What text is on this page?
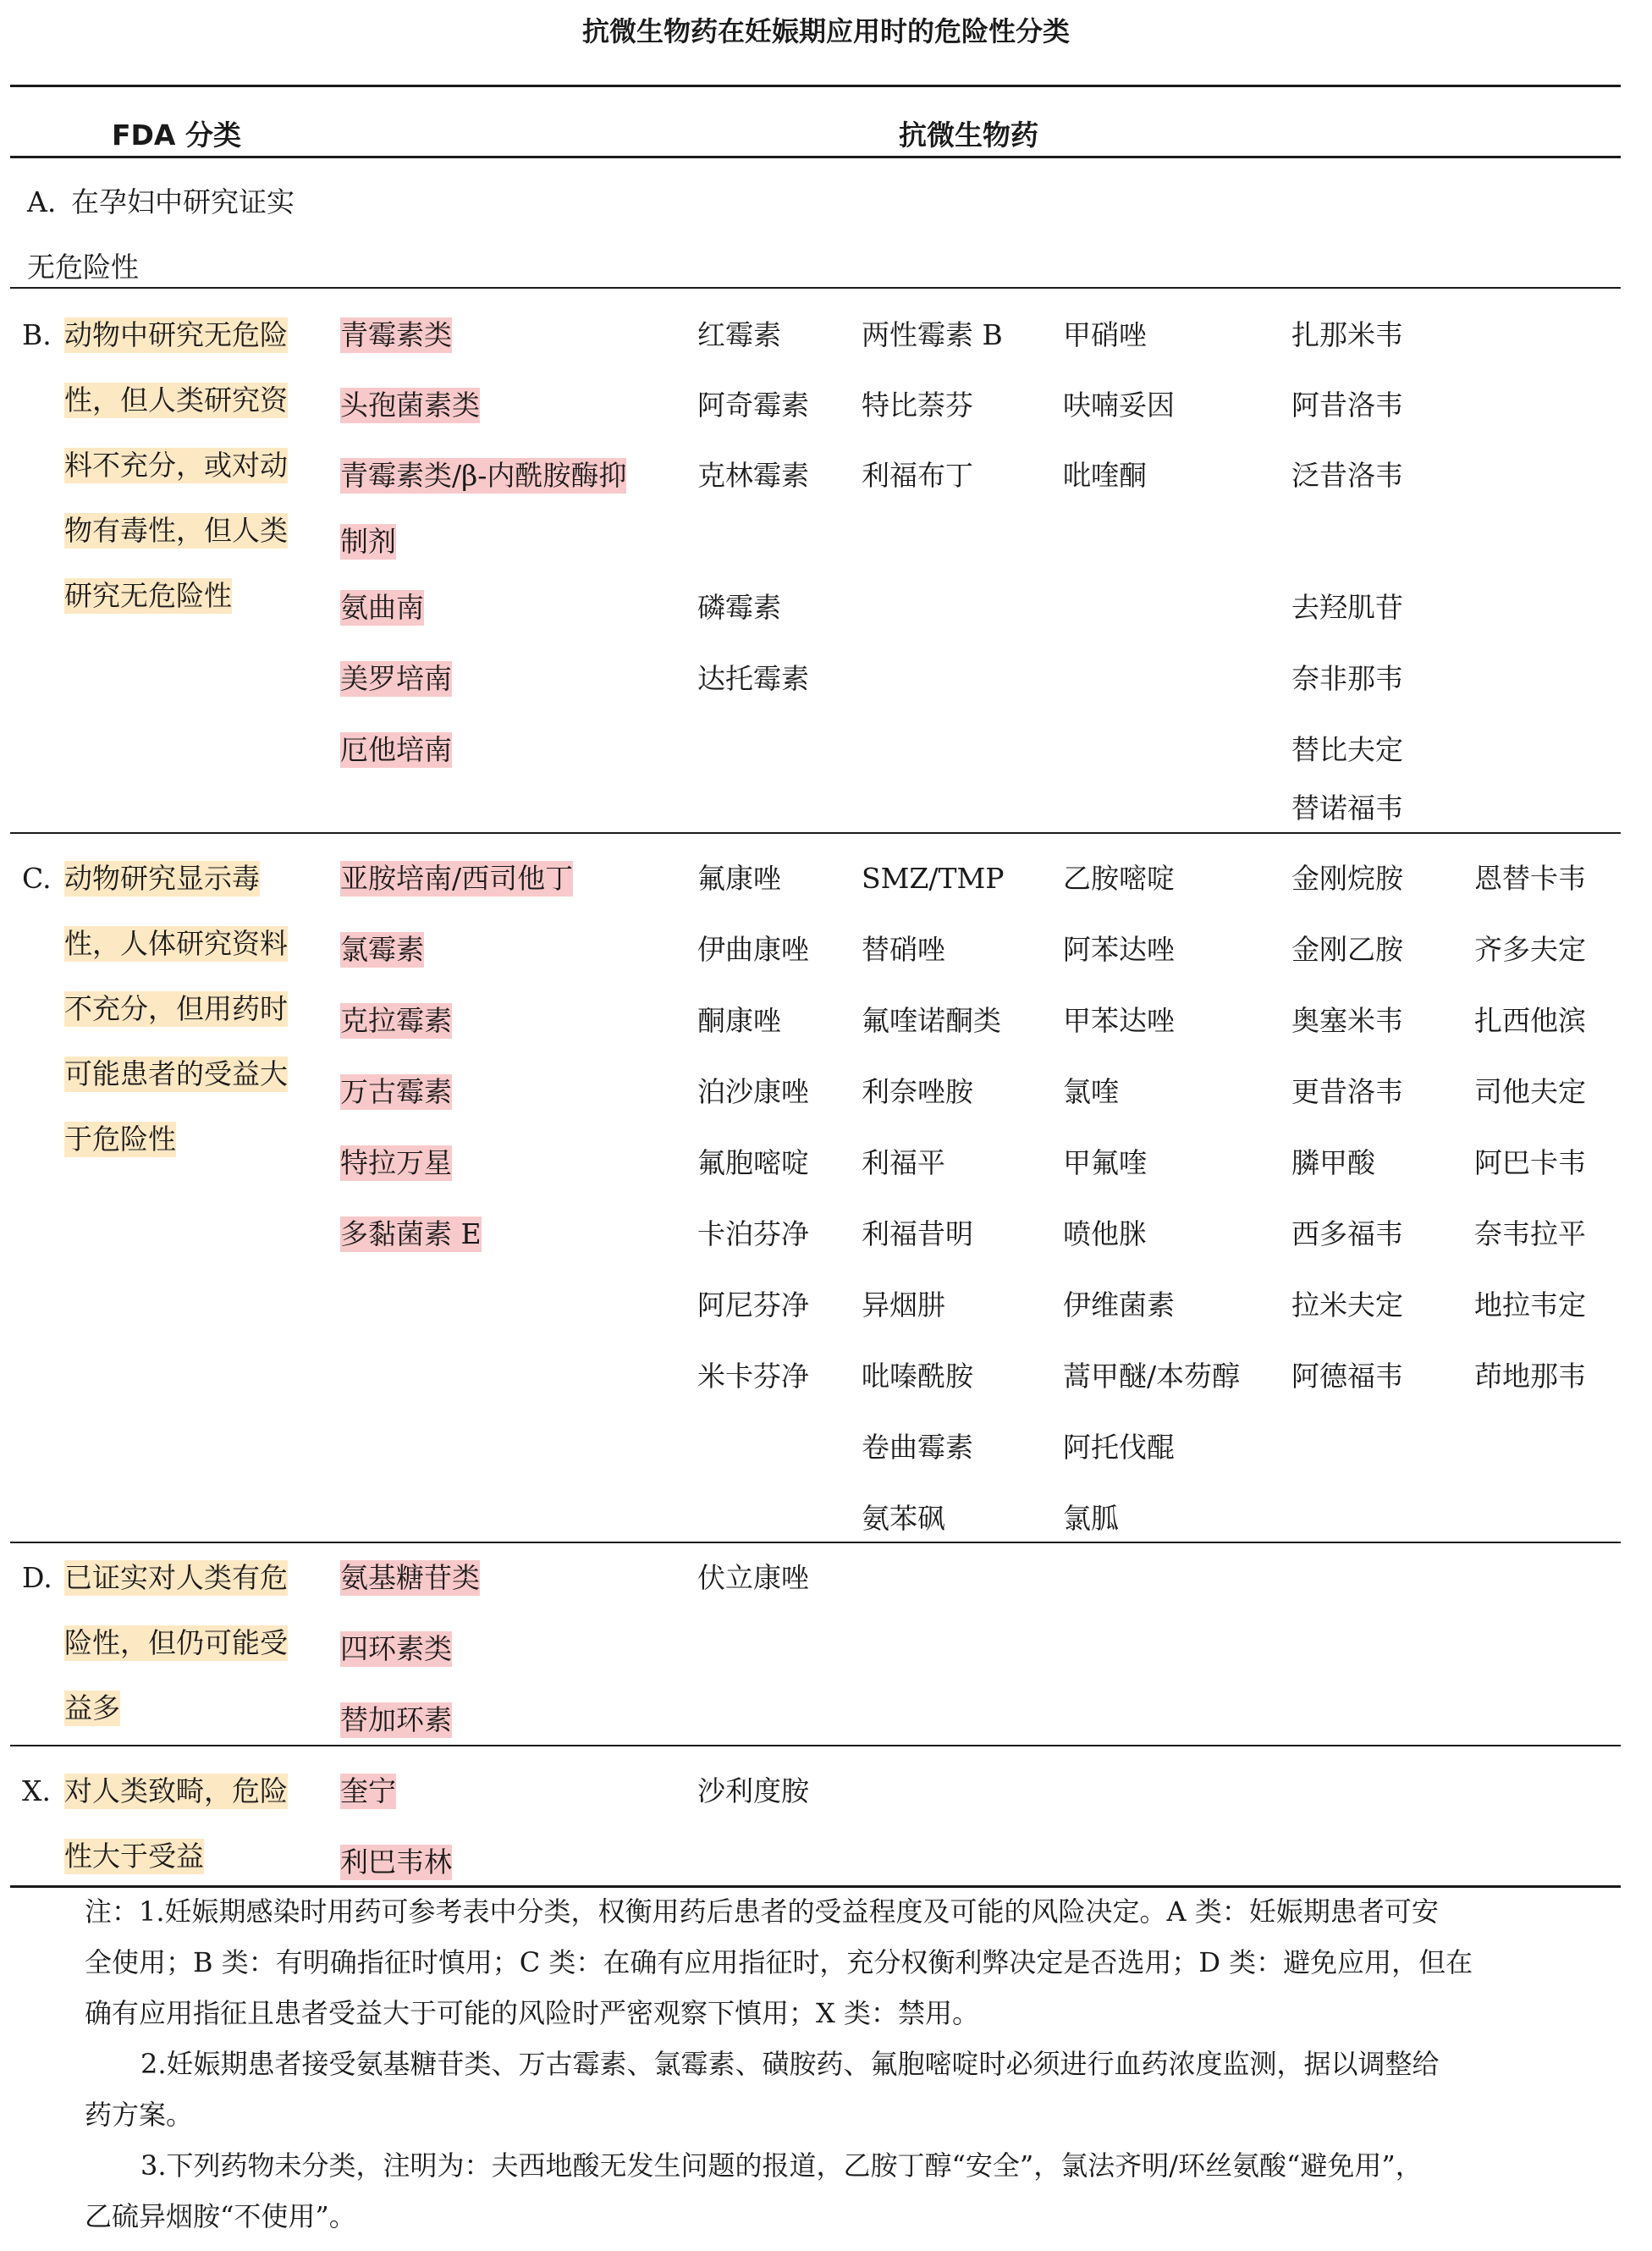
抗微生物药在妊娠期应用时的危险性分类
FDA 分类	抗微生物药
A. 在孕妇中研究证实
无危险性
B. 动物中研究无危险
性，但人类研究资
料不充分，或对动
物有毒性，但人类
研究无危险性
青霉素类
头孢菌素类
青霉素类/β-内酰胺酶抑
制剂
氨曲南
美罗培南
厄他培南
红霉素
阿奇霉素
克林霉素
磷霉素
达托霉素
两性霉素 B
特比萘芬
利福布丁
甲硝唑
呋喃妥因
吡喹酮
扎那米韦
阿昔洛韦
泛昔洛韦
去羟肌苷
奈非那韦
替比夫定
替诺福韦
C. 动物研究显示毒
性，人体研究资料
不充分，但用药时
可能患者的受益大
于危险性
亚胺培南/西司他丁
氯霉素
克拉霉素
万古霉素
特拉万星
多黏菌素 E
氟康唑
伊曲康唑
酮康唑
泊沙康唑
氟胞嘧啶
卡泊芬净
阿尼芬净
米卡芬净
SMZ/TMP
替硝唑
氟喹诺酮类
利奈唑胺
利福平
利福昔明
异烟肼
吡嗪酰胺
卷曲霉素
氨苯砜
乙胺嘧啶
阿苯达唑
甲苯达唑
氯喹
甲氟喹
喷他脒
伊维菌素
蒿甲醚/本芴醇
阿托伐醌
氯胍
金刚烷胺
金刚乙胺
奥塞米韦
更昔洛韦
膦甲酸
西多福韦
拉米夫定
阿德福韦
恩替卡韦
齐多夫定
扎西他滨
司他夫定
阿巴卡韦
奈韦拉平
地拉韦定
茚地那韦
D. 已证实对人类有危
险性，但仍可能受
益多
氨基糖苷类
四环素类
替加环素
伏立康唑
X. 对人类致畸，危险
性大于受益
奎宁
利巴韦林
沙利度胺
注：1.妊娠期感染时用药可参考表中分类，权衡用药后患者的受益程度及可能的风险决定。A 类：妊娠期患者可安
全使用；B 类：有明确指征时慎用；C 类：在确有应用指征时，充分权衡利弊决定是否选用；D 类：避免应用，但在
确有应用指征且患者受益大于可能的风险时严密观察下慎用；X 类：禁用。
2.妊娠期患者接受氨基糖苷类、万古霉素、氯霉素、磺胺药、氟胞嘧啶时必须进行血药浓度监测，据以调整给
药方案。
3.下列药物未分类，注明为：夫西地酸无发生问题的报道，乙胺丁醇“安全”，氯法齐明/环丝氨酸“避免用”，
乙硫异烟胺“不使用”。
